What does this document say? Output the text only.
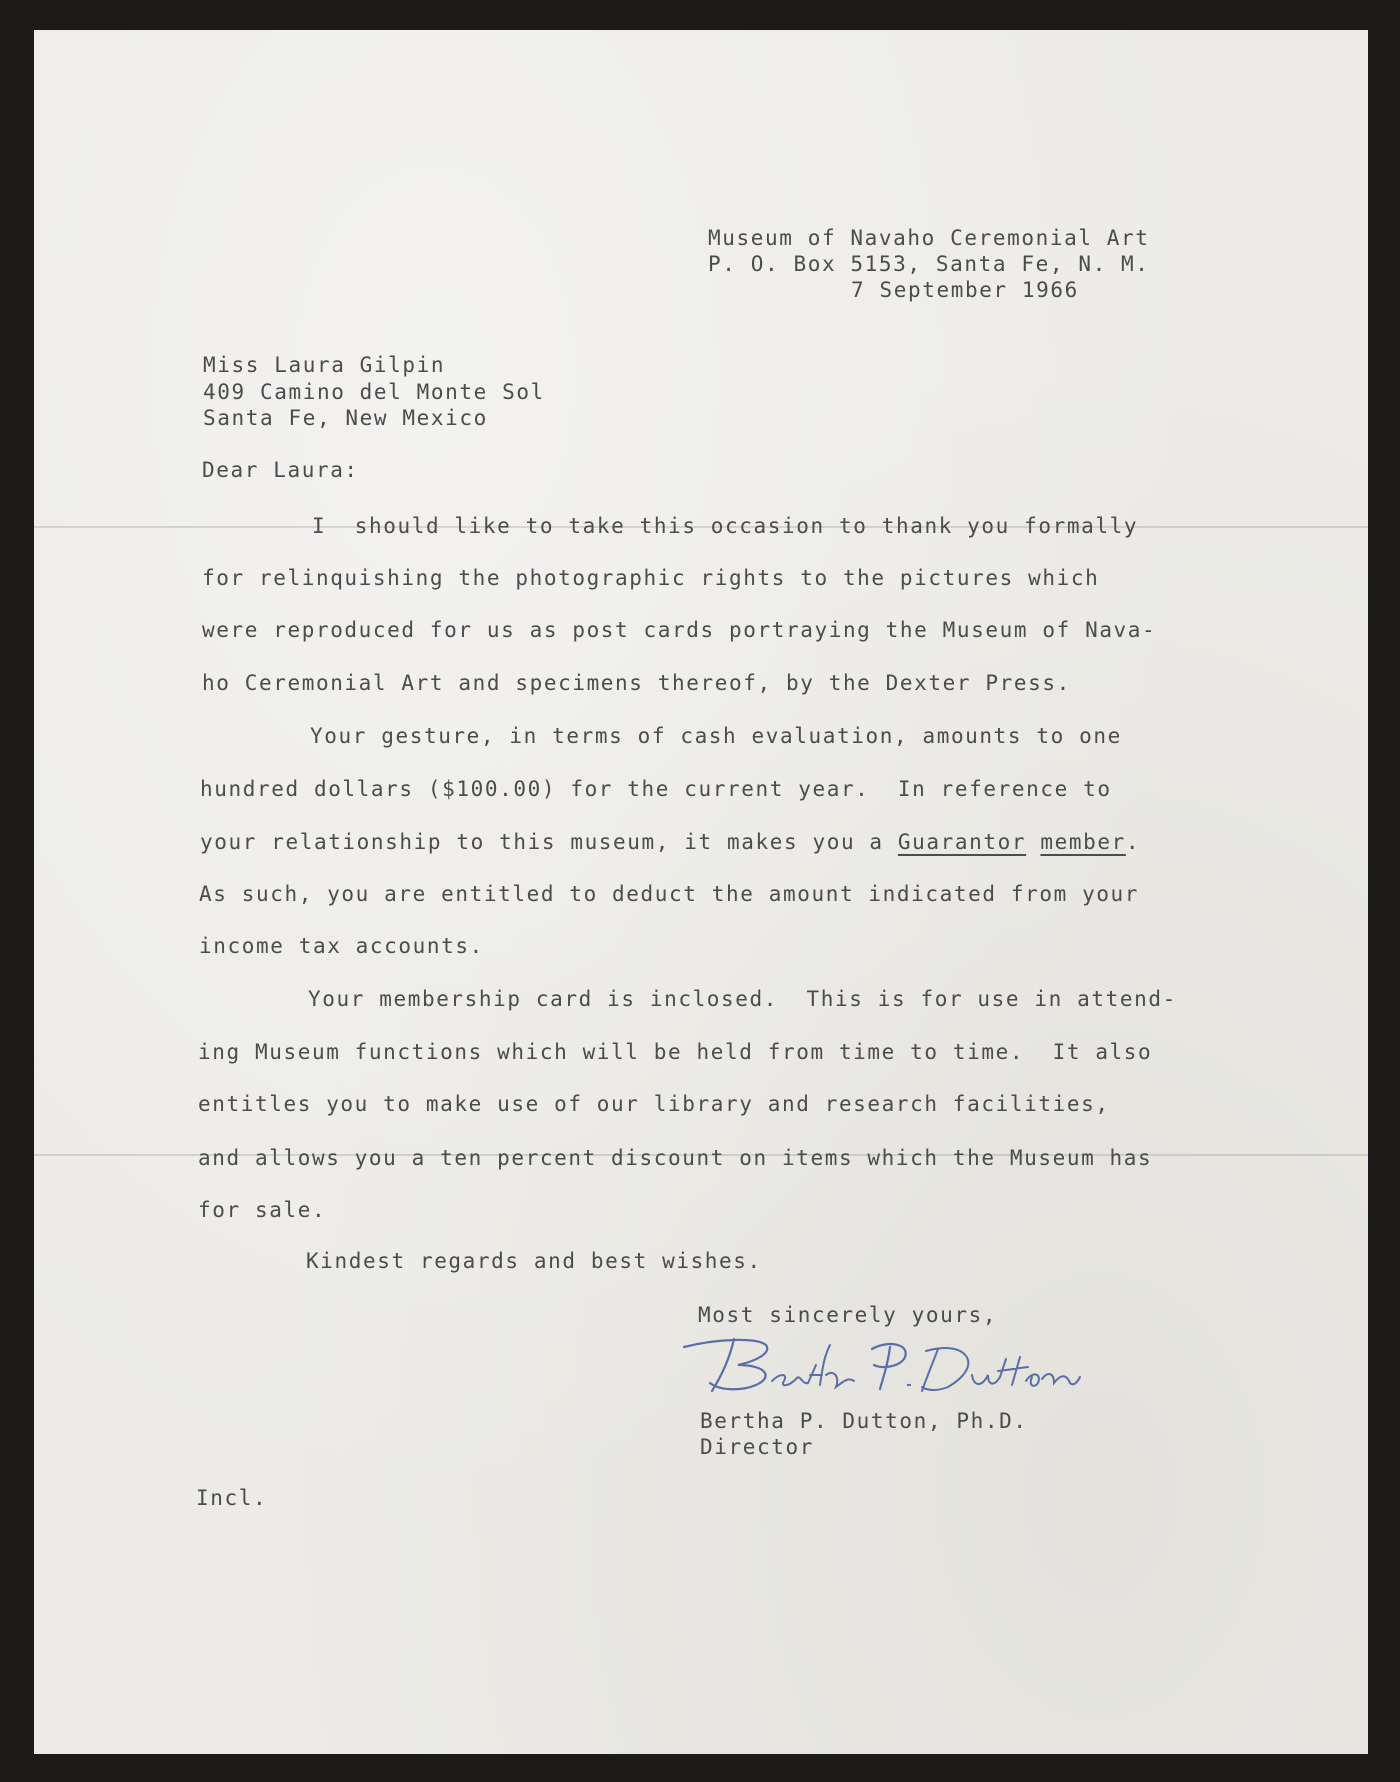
Museum of Navaho Ceremonial Art

P. O. Box 5153, Santa Fe, N. M.

7 September 1966

Miss Laura Gilpin

409 Camino del Monte Sol

Santa Fe, New Mexico

Dear Laura:

I  should like to take this occasion to thank you formally

for relinquishing the photographic rights to the pictures which

were reproduced for us as post cards portraying the Museum of Nava-

ho Ceremonial Art and specimens thereof, by the Dexter Press.

Your gesture, in terms of cash evaluation, amounts to one

hundred dollars ($100.00) for the current year.  In reference to

your relationship to this museum, it makes you a Guarantor member.

As such, you are entitled to deduct the amount indicated from your

income tax accounts.

Your membership card is inclosed.  This is for use in attend-

ing Museum functions which will be held from time to time.  It also

entitles you to make use of our library and research facilities,

and allows you a ten percent discount on items which the Museum has

for sale.

Kindest regards and best wishes.

Most sincerely yours,

Bertha P. Dutton, Ph.D.

Director

Incl.
